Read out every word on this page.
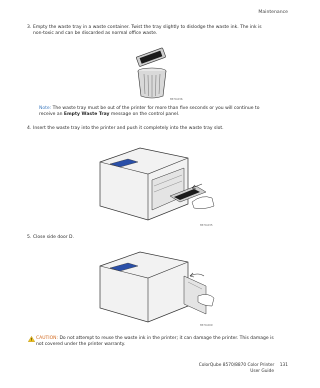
Maintenance
3. Empty the waste tray in a waste container. Twist the tray slightly to dislodge the waste ink. The ink is non-toxic and can be discarded as normal office waste.
8570-036
Note: The waste tray must be out of the printer for more than five seconds or you will continue to receive an Empty Waste Tray message on the control panel.
4. Insert the waste tray into the printer and push it completely into the waste tray slot.
8570-035
5. Close side door D.
8570-009
CAUTION: Do not attempt to reuse the waste ink in the printer; it can damage the printer. This damage is not covered under the printer warranty.
ColorQube 8570/8870 Color Printer 131
User Guide
